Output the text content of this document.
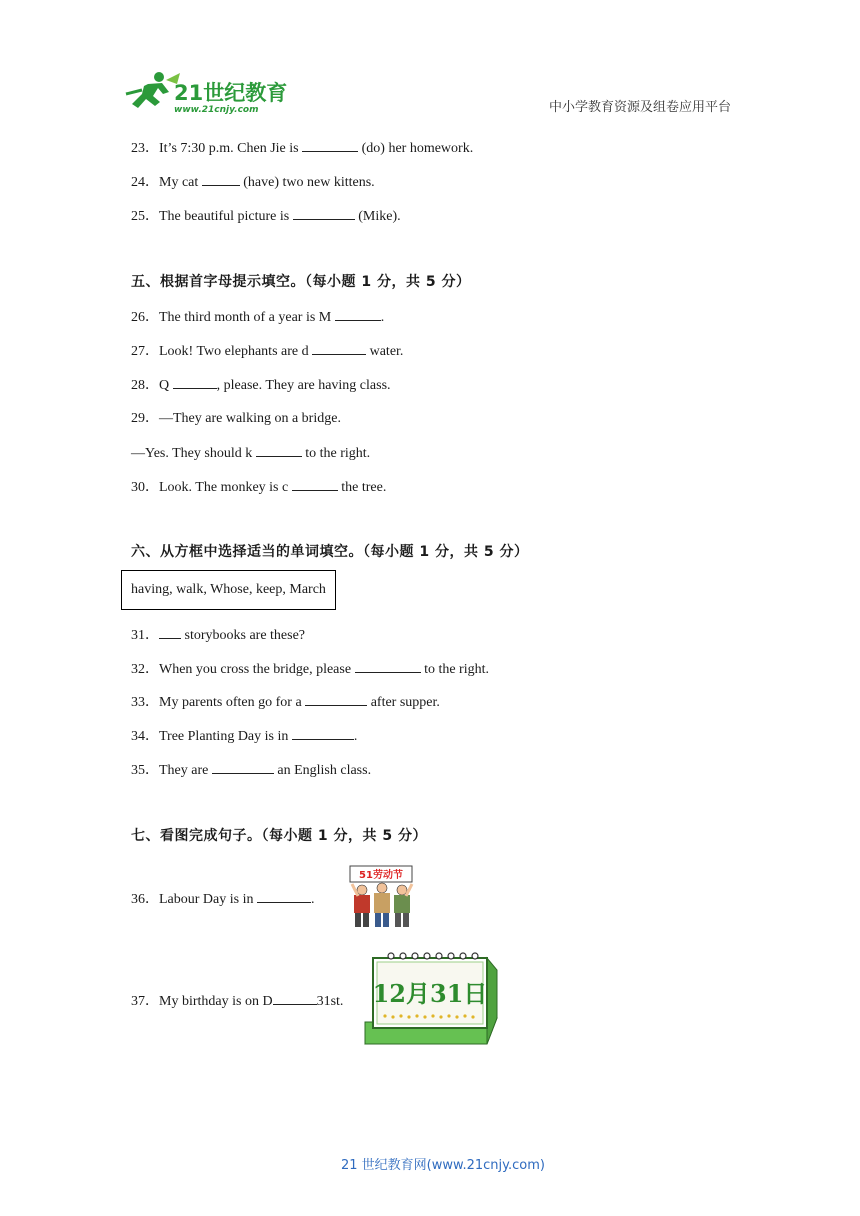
21世纪教育
www.21cnjy.com	中小学教育资源及组卷应用平台
23．It’s 7:30 p.m. Chen Jie is	(do) her homework.
24．My cat	(have) two new kittens.
25．The beautiful picture is	(Mike).
五、根据首字母提示填空。（每小题 1 分，共 5 分）
26．The third month of a year is M	.
27．Look! Two elephants are d	water.
28．Q	, please. They are having class.
29．—They are walking on a bridge.
—Yes. They should k	to the right.
30．Look. The monkey is c	the tree.
六、从方框中选择适当的单词填空。（每小题 1 分，共 5 分）
having, walk, Whose, keep, March
31． storybooks are these?
32．When you cross the bridge, please	to the right.
33．My parents often go for a	after supper.
34．Tree Planting Day is in	.
35．They are	an English class.
七、看图完成句子。（每小题 1 分，共 5 分）
36．Labour Day is in	.
51劳动节
37．My birthday is on D	31st. 12月31日
21 世纪教育网(www.21cnjy.com)
